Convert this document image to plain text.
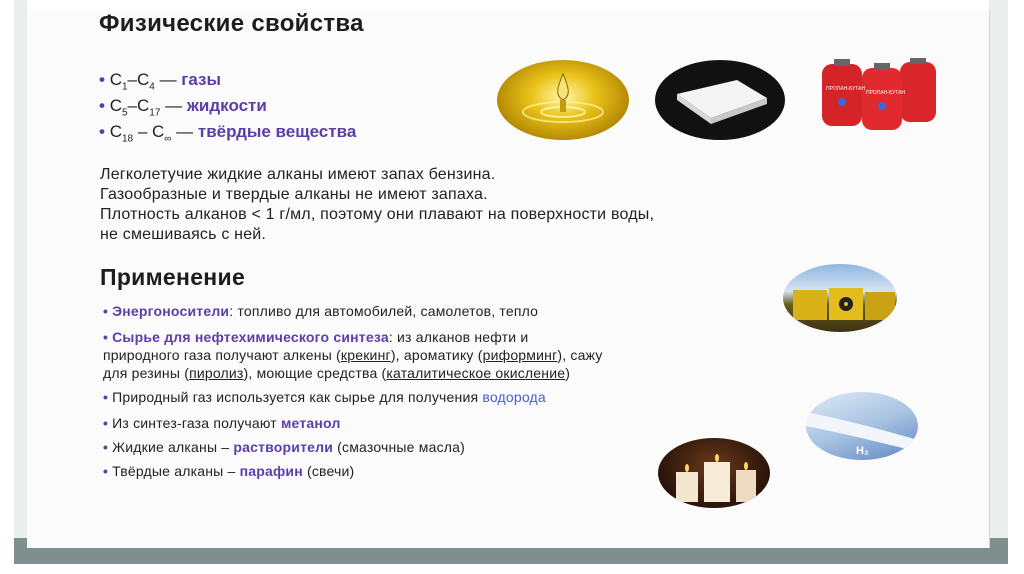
Физические свойства
• $C_1-C_4$ — газы
• $C_5-C_{17}$ — жидкости
• $C_{18} - C_\infty$ — твёрдые вещества
ПРОПАН-БУТАН
ПРОПАН-БУТАН
Легколетучие жидкие алканы имеют запах бензина.
Газообразные и твердые алканы не имеют запаха.
Плотность алканов < 1 г/мл, поэтому они плавают на поверхности воды,
не смешиваясь с ней.
Применение
• Энергоносители: топливо для автомобилей, самолетов, тепло
• Сырье для нефтехимического синтеза: из алканов нефти и
природного газа получают алкены (крекинг), ароматику (риформинг), сажу
для резины (пиролиз), моющие средства (каталитическое окисление)
• Природный газ используется как сырье для получения водорода
• Из синтез-газа получают метанол
• Жидкие алканы – растворители (смазочные масла)
• Твёрдые алканы – парафин (свечи)
H₂
